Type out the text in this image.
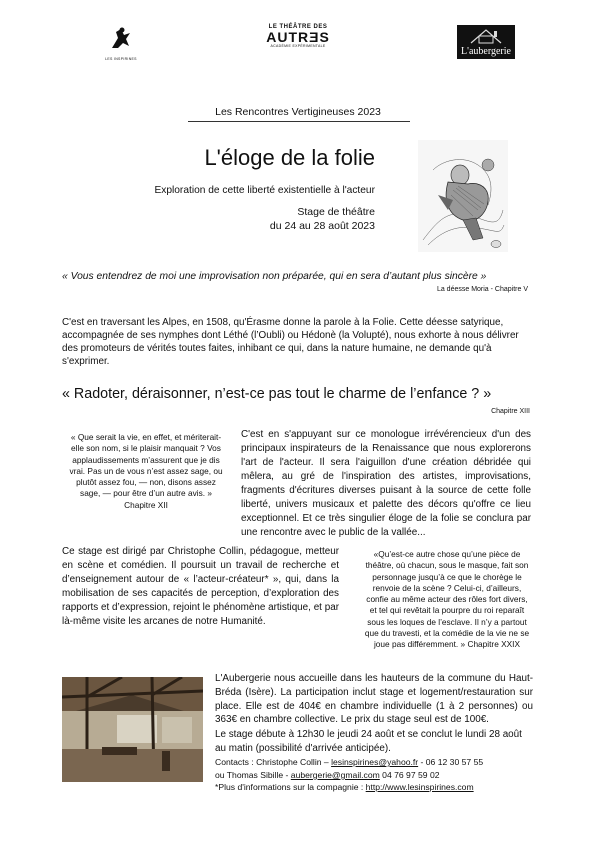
LES INSPIRINES
LE THÉÂTRE DES
AUTRƎS
ACADÉMIE EXPÉRIMENTALE	L'aubergerie
Les Rencontres Vertigineuses 2023
L'éloge de la folie
Exploration de cette liberté existentielle à l'acteur
Stage de théâtre
du 24 au 28 août 2023
« Vous entendrez de moi une improvisation non préparée, qui en sera d’autant plus sincère »
La déesse Moria - Chapitre V
C'est en traversant les Alpes, en 1508, qu'Érasme donne la parole à la Folie. Cette déesse satyrique, accompagnée de ses nymphes dont Léthé (l’Oubli) ou Hédonè (la Volupté), nous exhorte à nous délivrer des promoteurs de vérités toutes faites, inhibant ce qui, dans la nature humaine, ne demande qu'à s'exprimer.
« Radoter, déraisonner, n’est-ce pas tout le charme de l’enfance ? »
Chapitre XIII
« Que serait la vie, en effet, et mériterait-elle son nom, si le plaisir manquait ? Vos applaudissements m’assurent que je dis vrai. Pas un de vous n’est assez sage, ou plutôt assez fou, — non, disons assez sage, — pour être d’un autre avis. »
Chapitre XII
C'est en s'appuyant sur ce monologue irrévérencieux d'un des principaux inspirateurs de la Renaissance que nous explorerons l'art de l'acteur. Il sera l'aiguillon d'une création débridée qui mêlera, au gré de l'inspiration des artistes, improvisations, fragments d'écritures diverses puisant à la source de cette folle liberté, univers musicaux et palette des décors qu'offre ce lieu exceptionnel. Et ce très singulier éloge de la folie se conclura par une rencontre avec le public de la vallée...
Ce stage est dirigé par Christophe Collin, pédagogue, metteur en scène et comédien. Il poursuit un travail de recherche et d’enseignement autour de « l’acteur-créateur* », qui, dans la mobilisation de ses capacités de perception, d’exploration des rapports et d’expression, rejoint le phénomène artistique, et par là-même visite les arcanes de notre Humanité.
«Qu’est-ce autre chose qu’une pièce de théâtre, où chacun, sous le masque, fait son personnage jusqu’à ce que le chorège le renvoie de la scène ? Celui-ci, d’ailleurs, confie au même acteur des rôles fort divers, et tel qui revêtait la pourpre du roi reparaît sous les loques de l’esclave. Il n’y a partout que du travesti, et la comédie de la vie ne se joue pas différemment. » Chapitre XXIX
L'Aubergerie nous accueille dans les hauteurs de la commune du Haut-Bréda (Isère). La participation inclut stage et logement/restauration sur place. Elle est de 404€ en chambre individuelle (1 à 2 personnes) ou 363€ en chambre collective. Le prix du stage seul est de 100€.
Le stage débute à 12h30 le jeudi 24 août et se conclut le lundi 28 août au matin (possibilité d'arrivée anticipée).
Contacts : Christophe Collin – lesinspirines@yahoo.fr - 06 12 30 57 55
ou Thomas Sibille - aubergerie@gmail.com 04 76 97 59 02
*Plus d'informations sur la compagnie : http://www.lesinspirines.com
